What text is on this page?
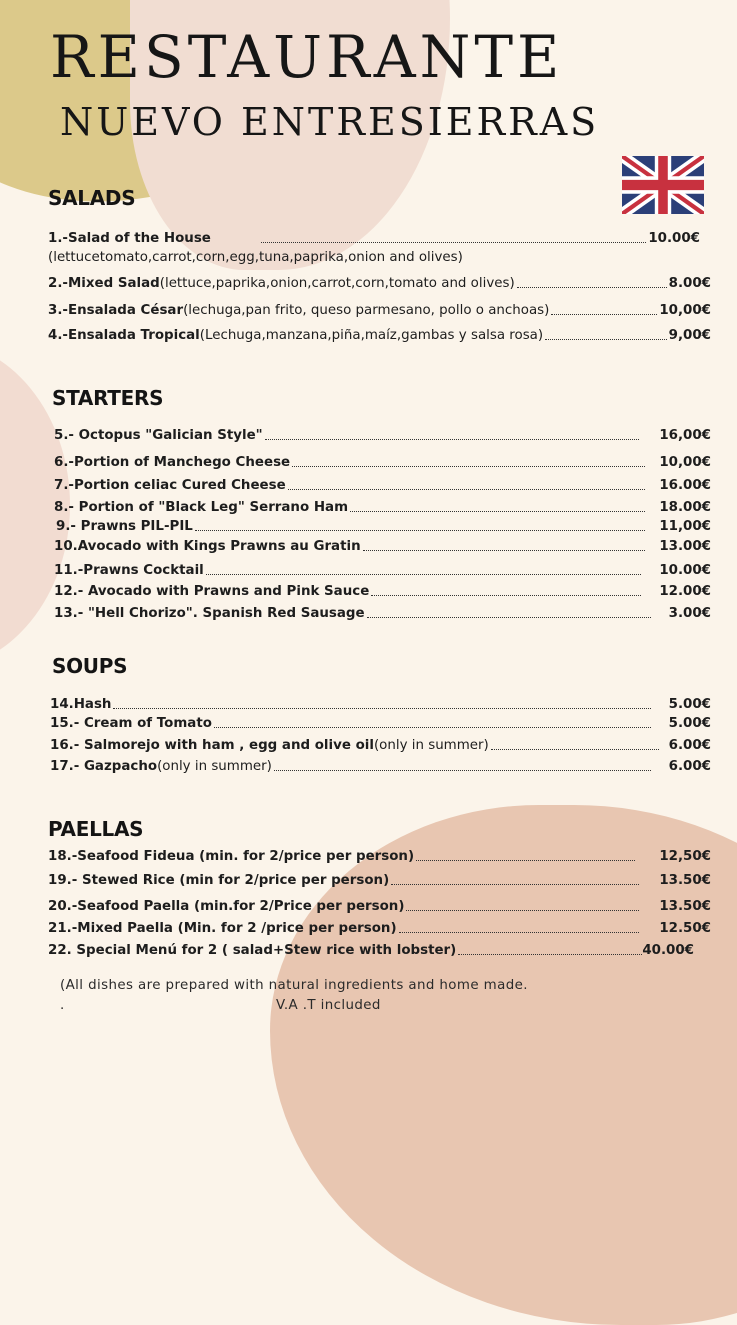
RESTAURANTE
NUEVO ENTRESIERRAS
SALADS
1.-Salad of the House	10.00€
(lettucetomato,carrot,corn,egg,tuna,paprika,onion and olives)
2.-Mixed Salad (lettuce,paprika,onion,carrot,corn,tomato and olives)	8.00€
3.-Ensalada César (lechuga,pan frito, queso parmesano, pollo o anchoas)	10,00€
4.-Ensalada Tropical (Lechuga,manzana,piña,maíz,gambas y salsa rosa)	9,00€
STARTERS
5.- Octopus "Galician Style"	16,00€
6.-Portion of Manchego Cheese	10,00€
7.-Portion celiac Cured Cheese	16.00€
8.- Portion of "Black Leg" Serrano Ham	18.00€
9.- Prawns PIL-PIL	11,00€
10.Avocado with Kings Prawns au Gratin	13.00€
11.-Prawns Cocktail	10.00€
12.- Avocado with Prawns and Pink Sauce	12.00€
13.- "Hell Chorizo". Spanish Red Sausage	3.00€
SOUPS
14.Hash	5.00€
15.- Cream of Tomato	5.00€
16.- Salmorejo with ham , egg and olive oil (only in summer)	6.00€
17.- Gazpacho (only in summer)	6.00€
PAELLAS
18.-Seafood Fideua (min. for 2/price per person)	12,50€
19.- Stewed Rice (min for 2/price per person)	13.50€
20.-Seafood Paella (min.for 2/Price per person)	13.50€
21.-Mixed Paella (Min. for 2 /price per person)	12.50€
22. Special Menú for 2 ( salad+Stew rice with lobster)	40.00€

(All dishes are prepared with natural ingredients and home made.

.	V.A .T included
